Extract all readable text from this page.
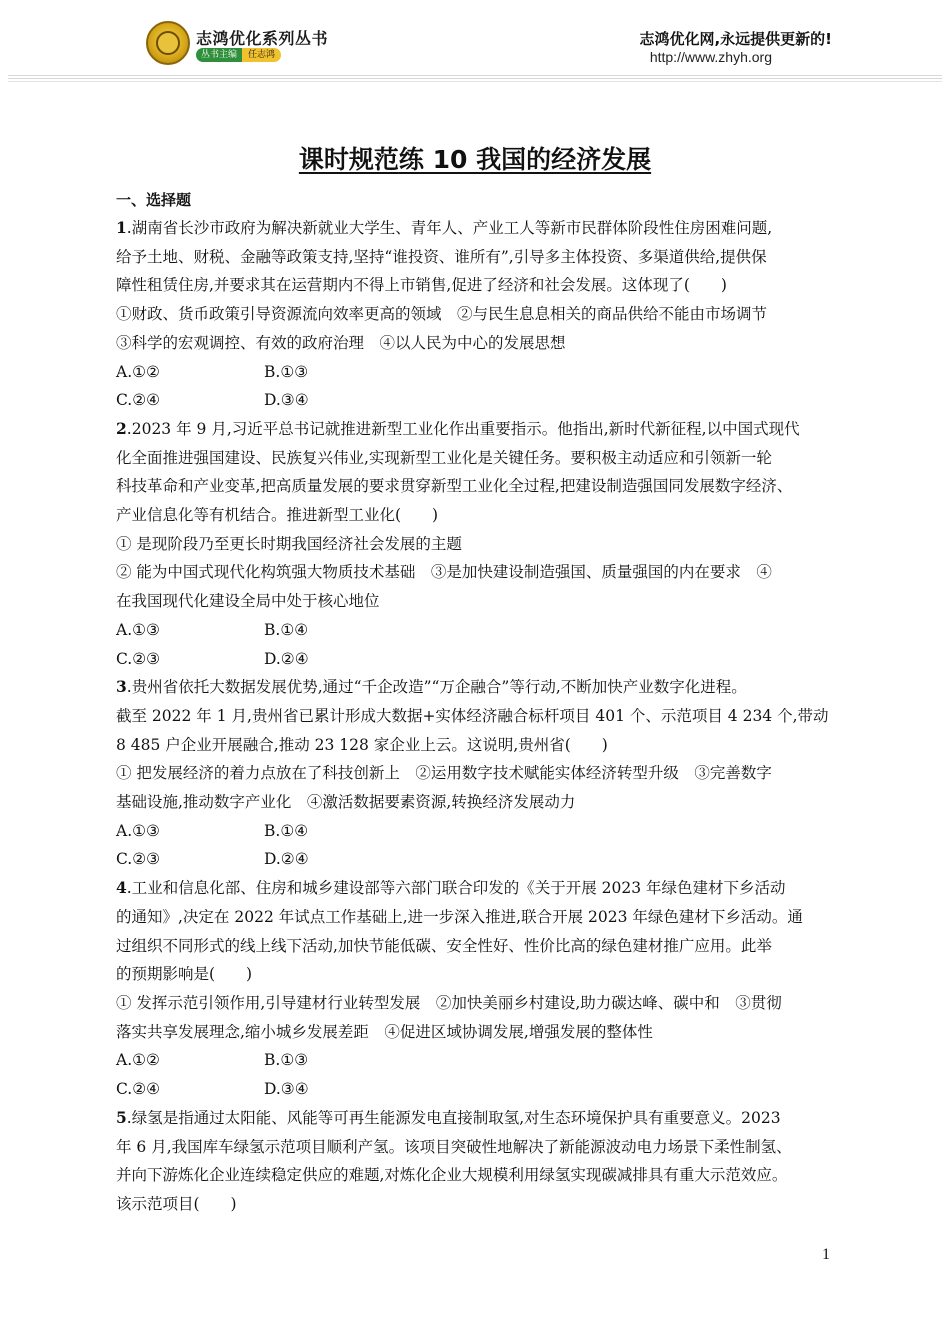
志鸿优化系列丛书
丛书主编	任志鸿
志鸿优化网,永远提供更新的!
http://www.zhyh.org
课时规范练 10 我国的经济发展
一、选择题
1.湖南省长沙市政府为解决新就业大学生、青年人、产业工人等新市民群体阶段性住房困难问题,
给予土地、财税、金融等政策支持,坚持“谁投资、谁所有”,引导多主体投资、多渠道供给,提供保
障性租赁住房,并要求其在运营期内不得上市销售,促进了经济和社会发展。这体现了(　　)
①财政、货币政策引导资源流向效率更高的领域　②与民生息息相关的商品供给不能由市场调节
③科学的宏观调控、有效的政府治理　④以人民为中心的发展思想
A.①②	B.①③
C.②④	D.③④
2.2023 年 9 月,习近平总书记就推进新型工业化作出重要指示。他指出,新时代新征程,以中国式现代
化全面推进强国建设、民族复兴伟业,实现新型工业化是关键任务。要积极主动适应和引领新一轮
科技革命和产业变革,把高质量发展的要求贯穿新型工业化全过程,把建设制造强国同发展数字经济、
产业信息化等有机结合。推进新型工业化(　　)
① 是现阶段乃至更长时期我国经济社会发展的主题
② 能为中国式现代化构筑强大物质技术基础　③是加快建设制造强国、质量强国的内在要求　④
在我国现代化建设全局中处于核心地位
A.①③	B.①④
C.②③	D.②④
3.贵州省依托大数据发展优势,通过“千企改造”“万企融合”等行动,不断加快产业数字化进程。
截至 2022 年 1 月,贵州省已累计形成大数据+实体经济融合标杆项目 401 个、示范项目 4 234 个,带动
8 485 户企业开展融合,推动 23 128 家企业上云。这说明,贵州省(　　)
① 把发展经济的着力点放在了科技创新上　②运用数字技术赋能实体经济转型升级　③完善数字
基础设施,推动数字产业化　④激活数据要素资源,转换经济发展动力
A.①③	B.①④
C.②③	D.②④
4.工业和信息化部、住房和城乡建设部等六部门联合印发的《关于开展 2023 年绿色建材下乡活动
的通知》,决定在 2022 年试点工作基础上,进一步深入推进,联合开展 2023 年绿色建材下乡活动。通
过组织不同形式的线上线下活动,加快节能低碳、安全性好、性价比高的绿色建材推广应用。此举
的预期影响是(　　)
① 发挥示范引领作用,引导建材行业转型发展　②加快美丽乡村建设,助力碳达峰、碳中和　③贯彻
落实共享发展理念,缩小城乡发展差距　④促进区域协调发展,增强发展的整体性
A.①②	B.①③
C.②④	D.③④
5.绿氢是指通过太阳能、风能等可再生能源发电直接制取氢,对生态环境保护具有重要意义。2023
年 6 月,我国库车绿氢示范项目顺利产氢。该项目突破性地解决了新能源波动电力场景下柔性制氢、
并向下游炼化企业连续稳定供应的难题,对炼化企业大规模利用绿氢实现碳减排具有重大示范效应。
该示范项目(　　)
1
